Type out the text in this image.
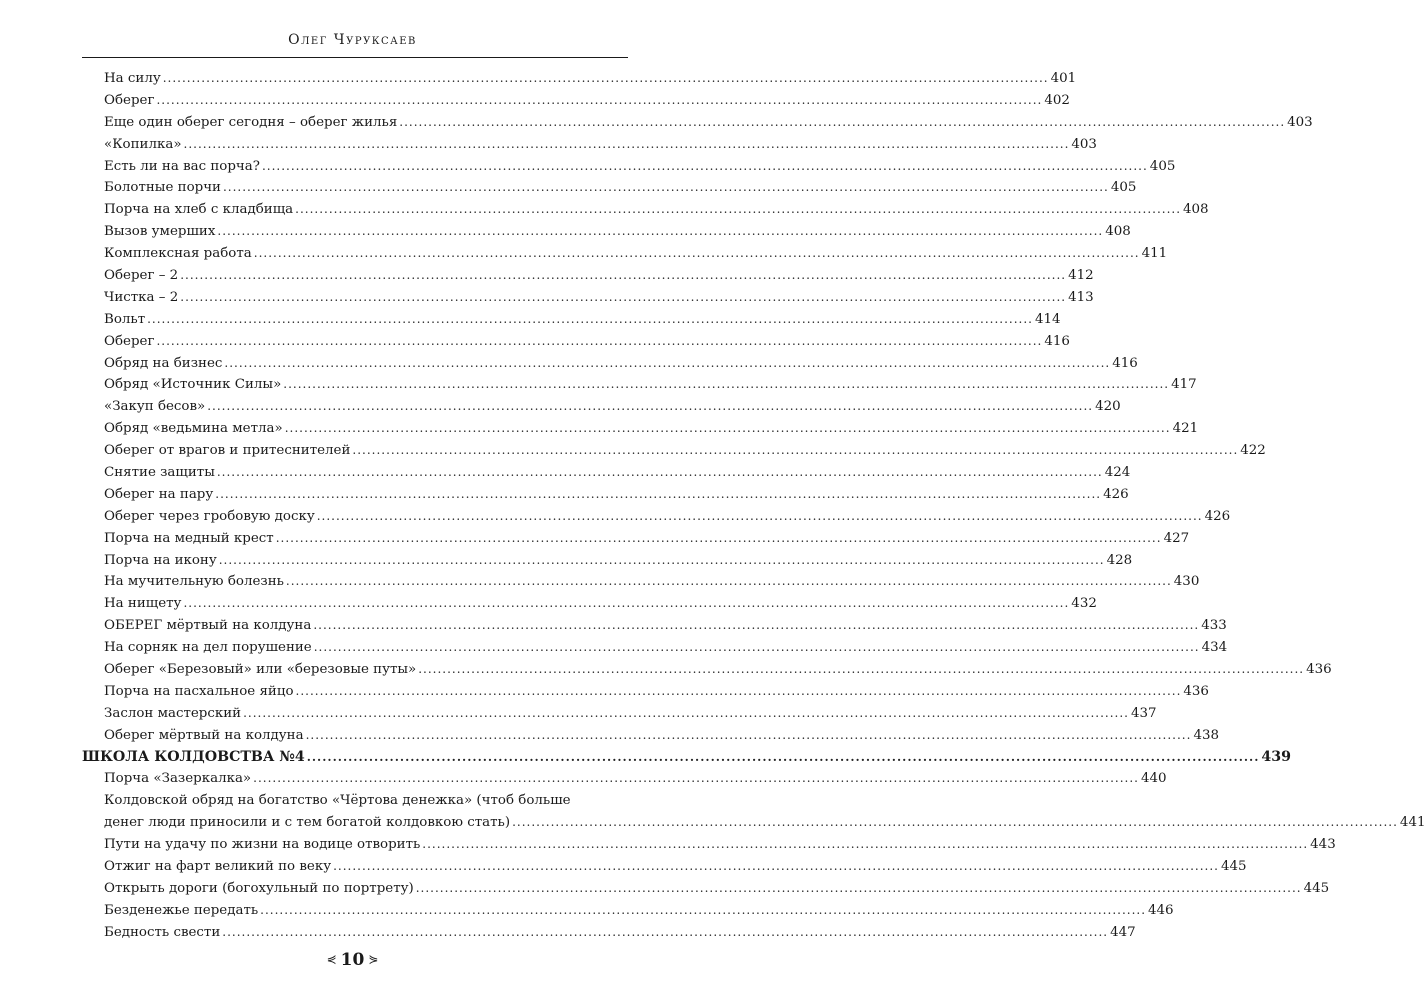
Олег Чуруксаев
На силу .....	401
Оберег .....	402
Еще один оберег сегодня – оберег жилья .....	403
«Копилка» .....	403
Есть ли на вас порча? .....	405
Болотные порчи .....	405
Порча на хлеб с кладбища .....	408
Вызов умерших .....	408
Комплексная работа .....	411
Оберег – 2 .....	412
Чистка – 2 .....	413
Вольт .....	414
Оберег .....	416
Обряд на бизнес .....	416
Обряд «Источник Силы» .....	417
«Закуп бесов» .....	420
Обряд «ведьмина метла» .....	421
Оберег от врагов и притеснителей .....	422
Снятие защиты .....	424
Оберег на пару .....	426
Оберег через гробовую доску .....	426
Порча на медный крест .....	427
Порча на икону .....	428
На мучительную болезнь .....	430
На нищету .....	432
ОБЕРЕГ мёртвый на колдуна .....	433
На сорняк на дел порушение .....	434
Оберег «Березовый» или «березовые путы» .....	436
Порча на пасхальное яйцо .....	436
Заслон мастерский .....	437
Оберег мёртвый на колдуна .....	438
ШКОЛА КОЛДОВСТВА №4 .....	439
Порча «Зазеркалка» .....	440
Колдовской обряд на богатство «Чёртова денежка» (чтоб больше
денег люди приносили и с тем богатой колдовкою стать) .....	441
Пути на удачу по жизни на водице отворить .....	443
Отжиг на фарт великий по веку .....	445
Открыть дороги (богохульный по портрету) .....	445
Безденежье передать .....	446
Бедность свести .....	447
⋞ 10 ⋟
